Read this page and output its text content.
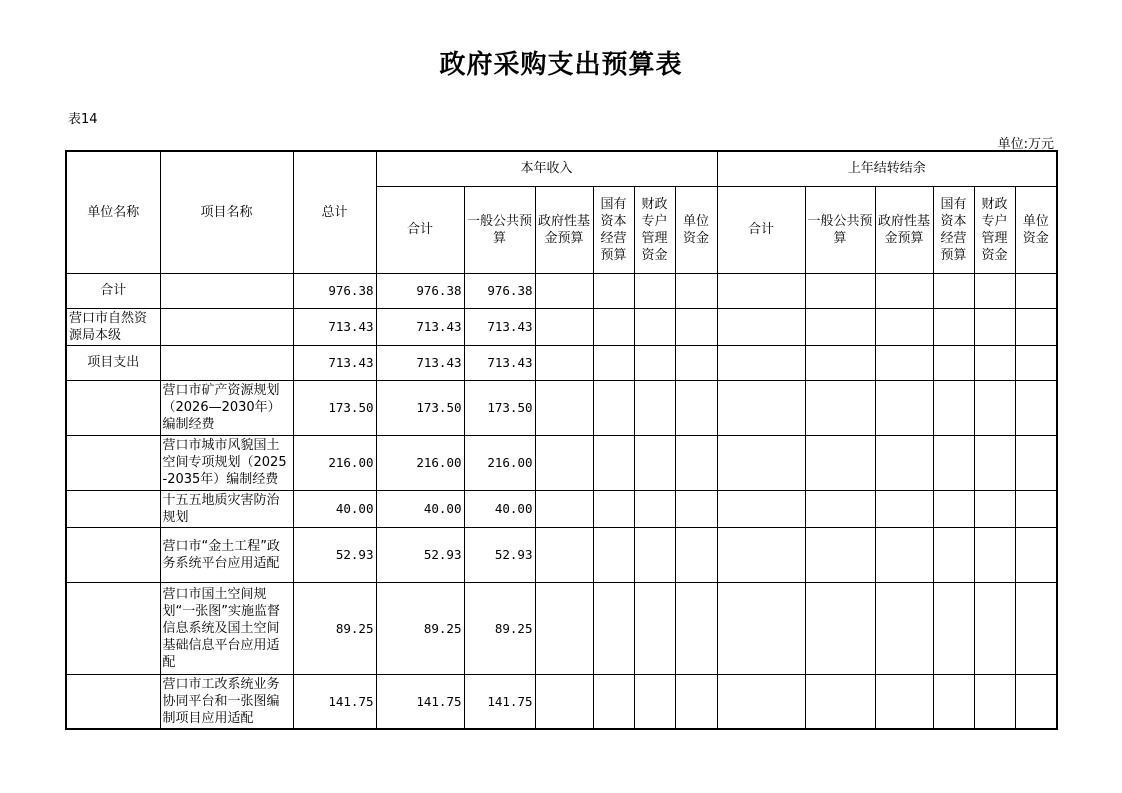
政府采购支出预算表
表14
单位:万元
单位名称	项目名称	总计	本年收入						上年结转结余					
			合计	一般公共预算	政府性基金预算	国有资本经营预算	财政专户管理资金	单位资金	合计	一般公共预算	政府性基金预算	国有资本经营预算	财政专户管理资金	单位资金
合计		976.38	976.38	976.38										
营口市自然资源局本级		713.43	713.43	713.43										
项目支出		713.43	713.43	713.43										
	营口市矿产资源规划（2026—2030年）编制经费	173.50	173.50	173.50										
	营口市城市风貌国土空间专项规划（2025-2035年）编制经费	216.00	216.00	216.00										
	十五五地质灾害防治规划	40.00	40.00	40.00										
	营口市“金土工程”政务系统平台应用适配	52.93	52.93	52.93										
	营口市国土空间规划“一张图”实施监督信息系统及国土空间基础信息平台应用适配	89.25	89.25	89.25										
	营口市工改系统业务协同平台和一张图编制项目应用适配	141.75	141.75	141.75										
